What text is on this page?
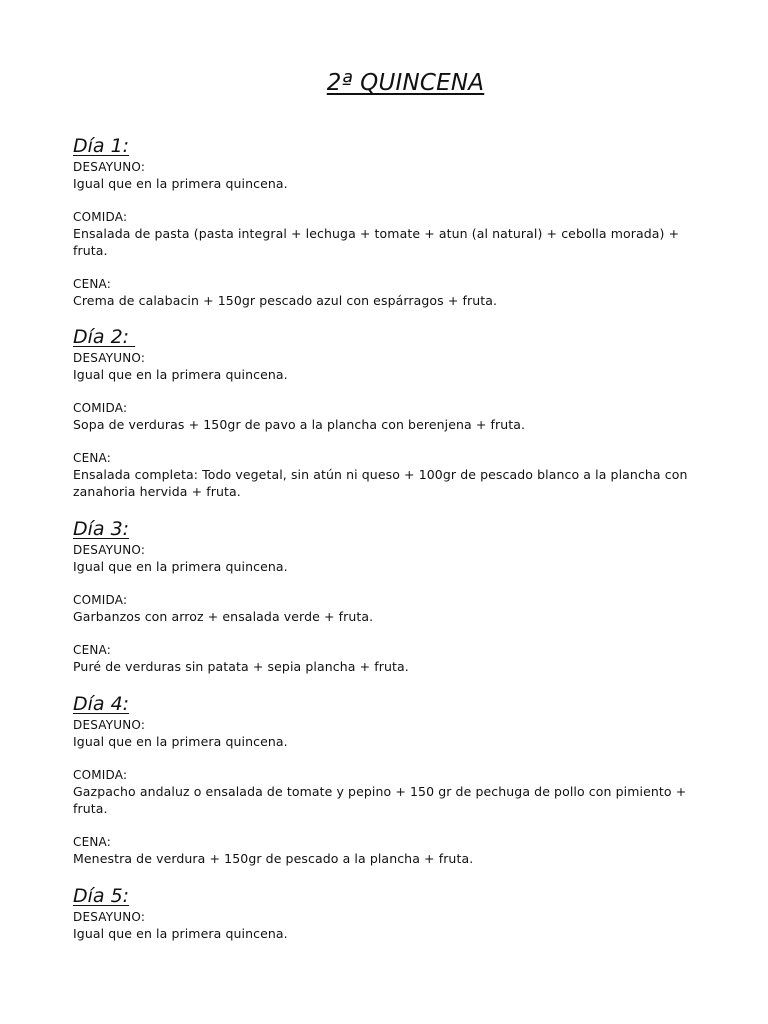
2ª QUINCENA
Día 1:
DESAYUNO:
Igual que en la primera quincena.
COMIDA:
Ensalada de pasta (pasta integral + lechuga + tomate + atun (al natural) + cebolla morada) + fruta.
CENA:
Crema de calabacin + 150gr pescado azul con espárragos + fruta.
Día 2:
DESAYUNO:
Igual que en la primera quincena.
COMIDA:
Sopa de verduras + 150gr de pavo a la plancha con berenjena + fruta.
CENA:
Ensalada completa: Todo vegetal, sin atún ni queso + 100gr de pescado blanco a la plancha con zanahoria hervida + fruta.
Día 3:
DESAYUNO:
Igual que en la primera quincena.
COMIDA:
Garbanzos con arroz + ensalada verde + fruta.
CENA:
Puré de verduras sin patata + sepia plancha + fruta.
Día 4:
DESAYUNO:
Igual que en la primera quincena.
COMIDA:
Gazpacho andaluz o ensalada de tomate y pepino + 150 gr de pechuga de pollo con pimiento + fruta.
CENA:
Menestra de verdura + 150gr de pescado a la plancha + fruta.
Día 5:
DESAYUNO:
Igual que en la primera quincena.
